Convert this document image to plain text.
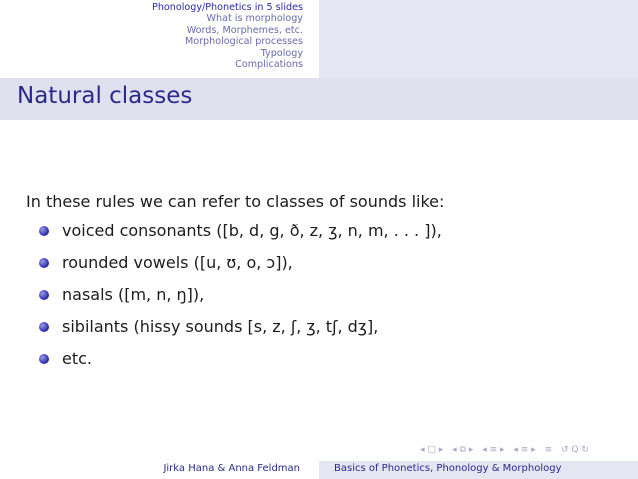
Phonology/Phonetics in 5 slides
What is morphology
Words, Morphemes, etc.
Morphological processes
Typology
Complications
Natural classes

In these rules we can refer to classes of sounds like:

voiced consonants ([b, d, g, ð, z, ʒ, n, m, . . . ]),
rounded vowels ([u, ʊ, o, ɔ]),
nasals ([m, n, ŋ]),
sibilants (hissy sounds [s, z, ʃ, ʒ, tʃ, dʒ],
etc.
◂ □ ▸ ◂ ⧉ ▸ ◂ ≡ ▸ ◂ ≡ ▸ ≡ ↺ Q ↻
Jirka Hana & Anna Feldman	Basics of Phonetics, Phonology & Morphology
